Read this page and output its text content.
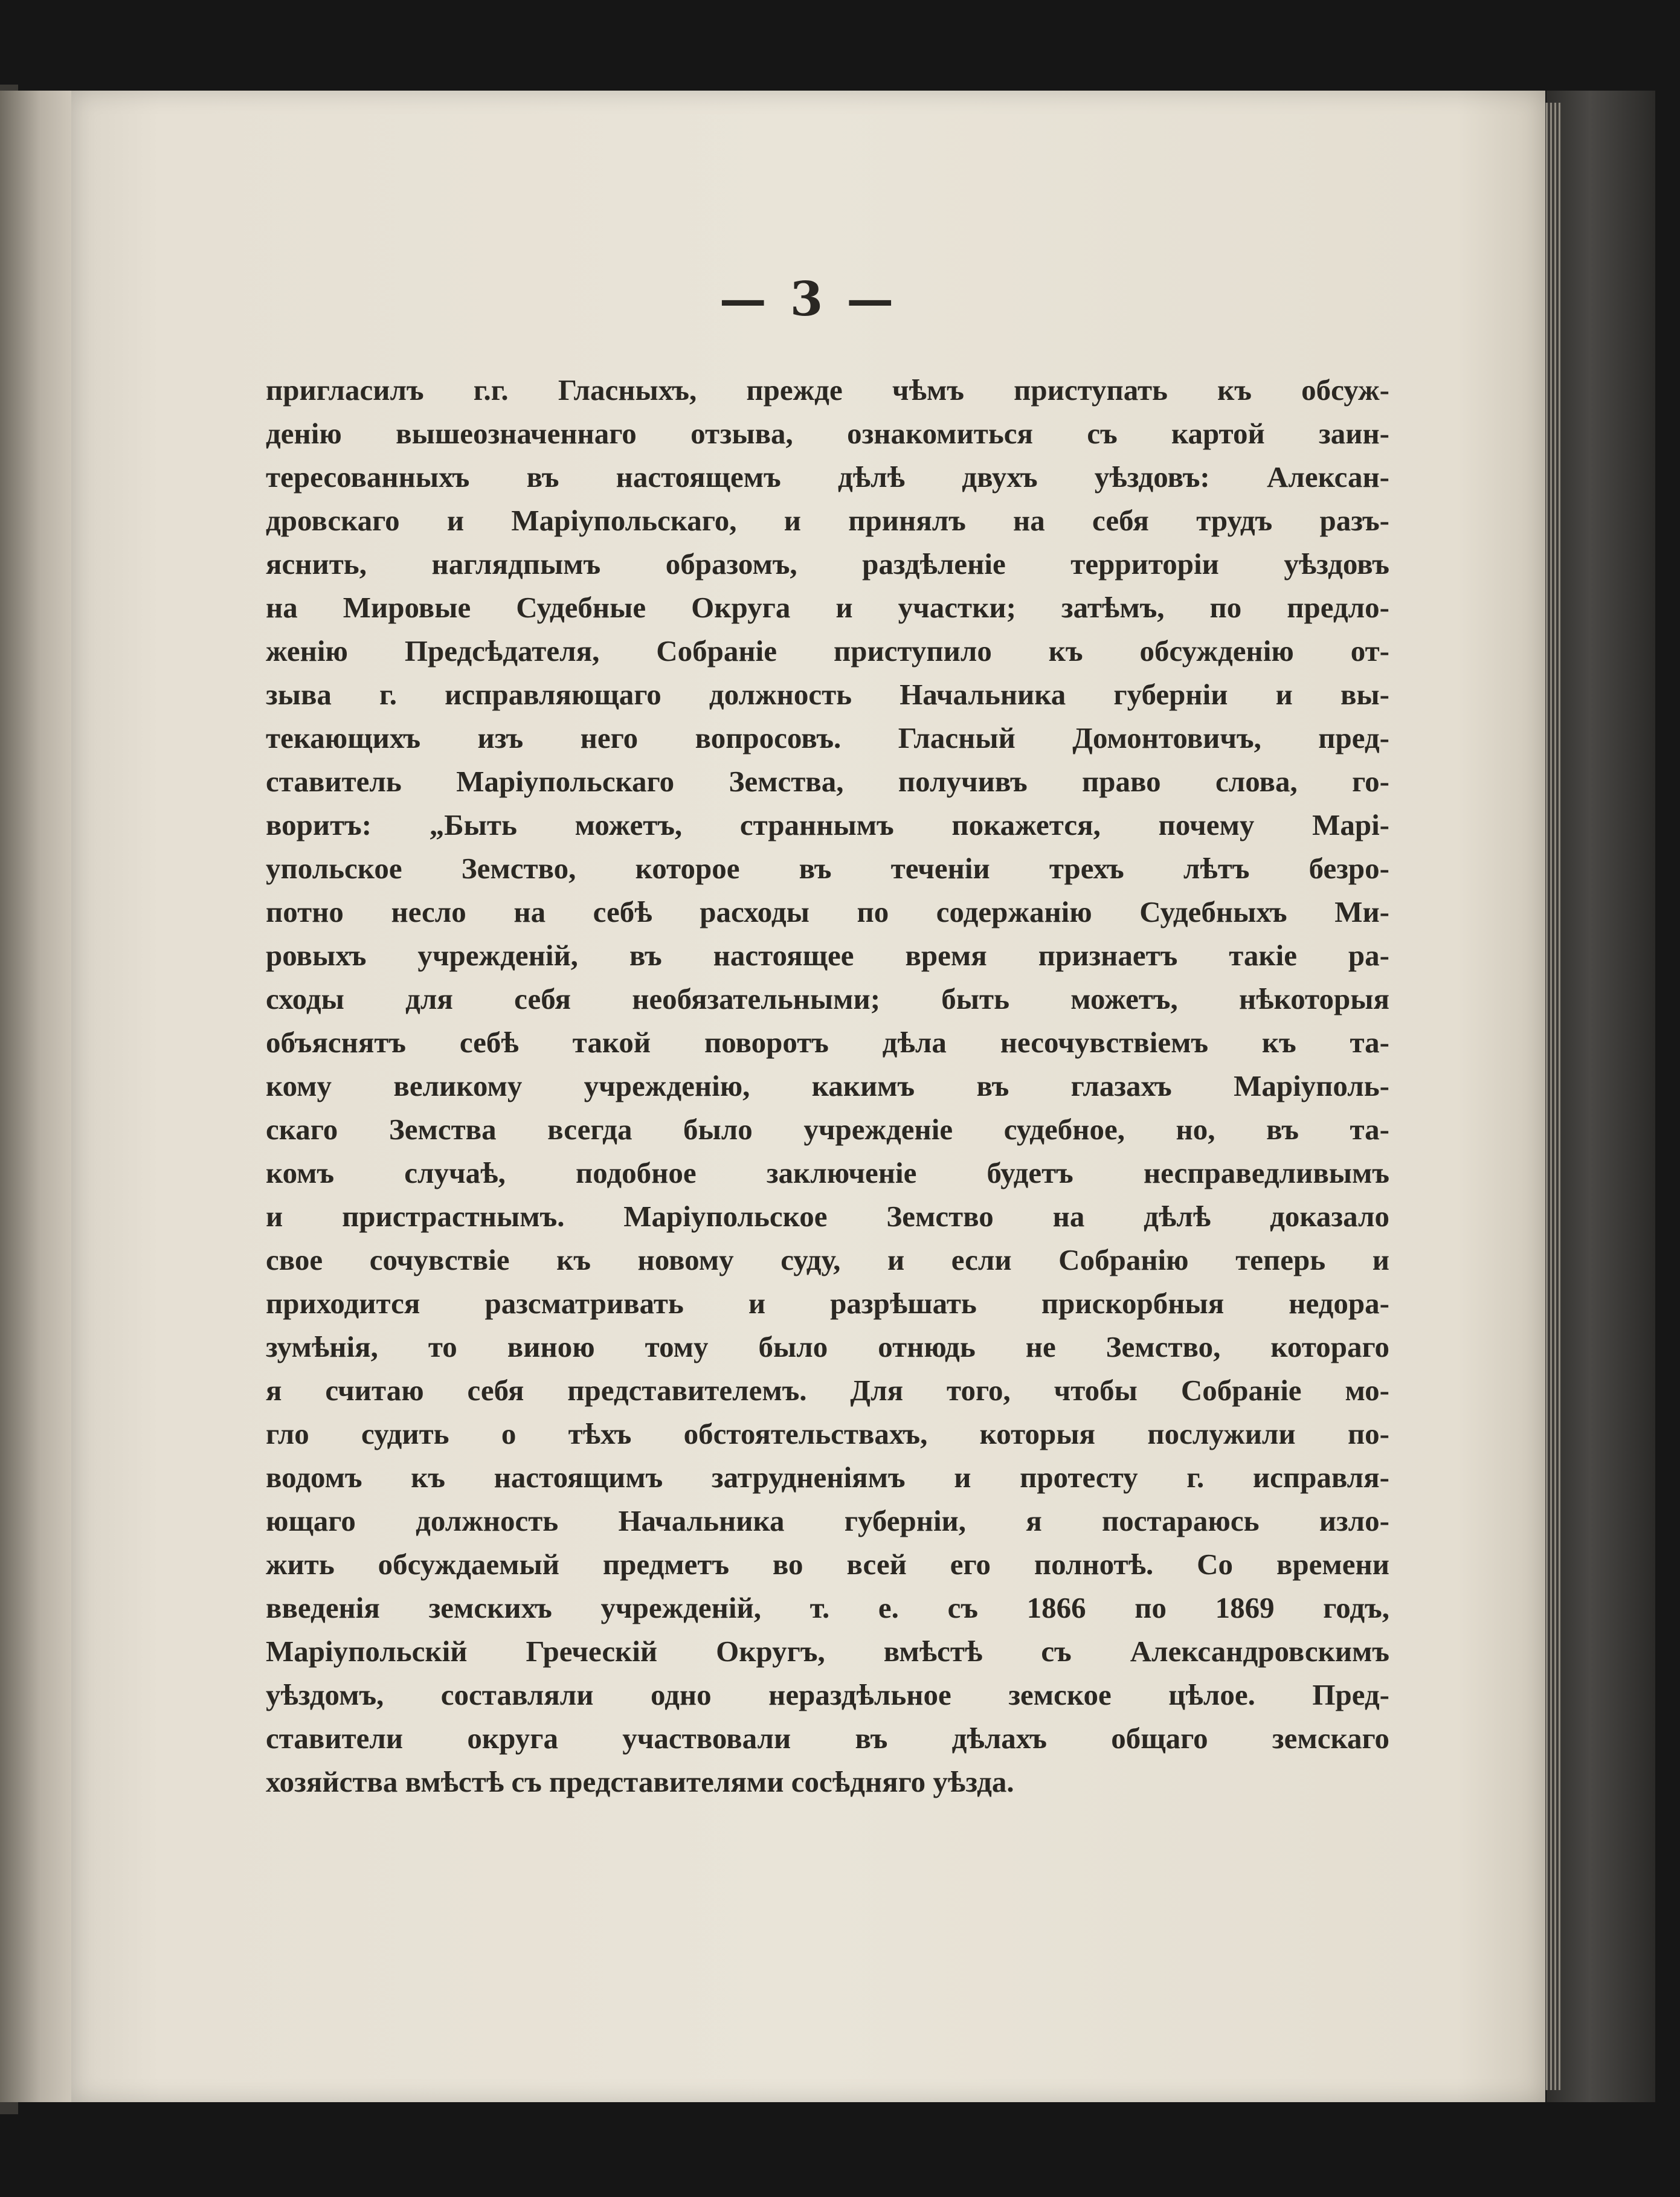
— 3 —
пригласилъ г.г. Гласныхъ, прежде чѣмъ приступать къ обсуж-
денію вышеозначеннаго отзыва, ознакомиться съ картой заин-
тересованныхъ въ настоящемъ дѣлѣ двухъ уѣздовъ: Алексан-
дровскаго и Маріупольскаго, и принялъ на себя трудъ разъ-
яснить, наглядпымъ образомъ, раздѣленіе территоріи уѣздовъ
на Мировые Судебные Округа и участки; затѣмъ, по предло-
женію Предсѣдателя, Собраніе приступило къ обсужденію от-
зыва г. исправляющаго должность Начальника губерніи и вы-
текающихъ изъ него вопросовъ. Гласный Домонтовичъ, пред-
ставитель Маріупольскаго Земства, получивъ право слова, го-
воритъ: „Быть можетъ, страннымъ покажется, почему Марі-
упольское Земство, которое въ теченіи трехъ лѣтъ безро-
потно несло на себѣ расходы по содержанію Судебныхъ Ми-
ровыхъ учрежденій, въ настоящее время признаетъ такіе ра-
сходы для себя необязательными; быть можетъ, нѣкоторыя
объяснятъ себѣ такой поворотъ дѣла несочувствіемъ къ та-
кому великому учрежденію, какимъ въ глазахъ Маріуполь-
скаго Земства всегда было учрежденіе судебное, но, въ та-
комъ случаѣ, подобное заключеніе будетъ несправедливымъ
и пристрастнымъ. Маріупольское Земство на дѣлѣ доказало
свое сочувствіе къ новому суду, и если Собранію теперь и
приходится разсматривать и разрѣшать прискорбныя недора-
зумѣнія, то виною тому было отнюдь не Земство, котораго
я считаю себя представителемъ. Для того, чтобы Собраніе мо-
гло судить о тѣхъ обстоятельствахъ, которыя послужили по-
водомъ къ настоящимъ затрудненіямъ и протесту г. исправля-
ющаго должность Начальника губерніи, я постараюсь изло-
жить обсуждаемый предметъ во всей его полнотѣ. Со времени
введенія земскихъ учрежденій, т. е. съ 1866 по 1869 годъ,
Маріупольскій Греческій Округъ, вмѣстѣ съ Александровскимъ
уѣздомъ, составляли одно нераздѣльное земское цѣлое. Пред-
ставители округа участвовали въ дѣлахъ общаго земскаго
хозяйства вмѣстѣ съ представителями сосѣдняго уѣзда.
